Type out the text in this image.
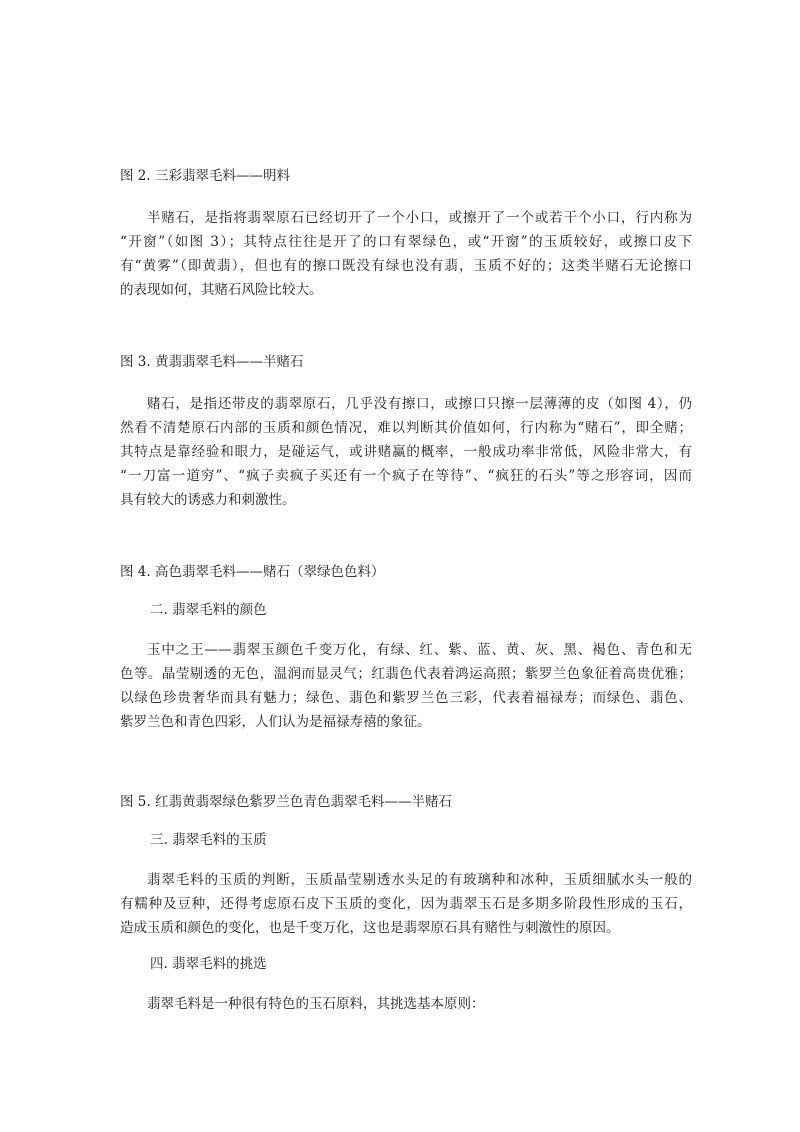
图 2. 三彩翡翠毛料——明料
半赌石，是指将翡翠原石已经切开了一个小口，或擦开了一个或若干个小口，行内称为
“开窗”（如图 3）；其特点往往是开了的口有翠绿色，或“开窗”的玉质较好，或擦口皮下
有“黄雾”（即黄翡），但也有的擦口既没有绿也没有翡，玉质不好的；这类半赌石无论擦口
的表现如何，其赌石风险比较大。
图 3. 黄翡翡翠毛料——半赌石
赌石，是指还带皮的翡翠原石，几乎没有擦口，或擦口只擦一层薄薄的皮（如图 4），仍
然看不清楚原石内部的玉质和颜色情况，难以判断其价值如何，行内称为“赌石”，即全赌；
其特点是靠经验和眼力，是碰运气，或讲赌赢的概率，一般成功率非常低，风险非常大，有
“一刀富一道穷”、“疯子卖疯子买还有一个疯子在等待”、“疯狂的石头”等之形容词，因而
具有较大的诱惑力和刺激性。
图 4. 高色翡翠毛料——赌石（翠绿色色料）
二. 翡翠毛料的颜色
玉中之王——翡翠玉颜色千变万化，有绿、红、紫、蓝、黄、灰、黑、褐色、青色和无
色等。晶莹剔透的无色，温润而显灵气；红翡色代表着鸿运高照；紫罗兰色象征着高贵优雅；
以绿色珍贵奢华而具有魅力；绿色、翡色和紫罗兰色三彩，代表着福禄寿；而绿色、翡色、
紫罗兰色和青色四彩，人们认为是福禄寿禧的象征。
图 5. 红翡黄翡翠绿色紫罗兰色青色翡翠毛料——半赌石
三. 翡翠毛料的玉质
翡翠毛料的玉质的判断，玉质晶莹剔透水头足的有玻璃种和冰种，玉质细腻水头一般的
有糯种及豆种，还得考虑原石皮下玉质的变化，因为翡翠玉石是多期多阶段性形成的玉石，
造成玉质和颜色的变化，也是千变万化，这也是翡翠原石具有赌性与刺激性的原因。
四. 翡翠毛料的挑选
翡翠毛料是一种很有特色的玉石原料，其挑选基本原则：
